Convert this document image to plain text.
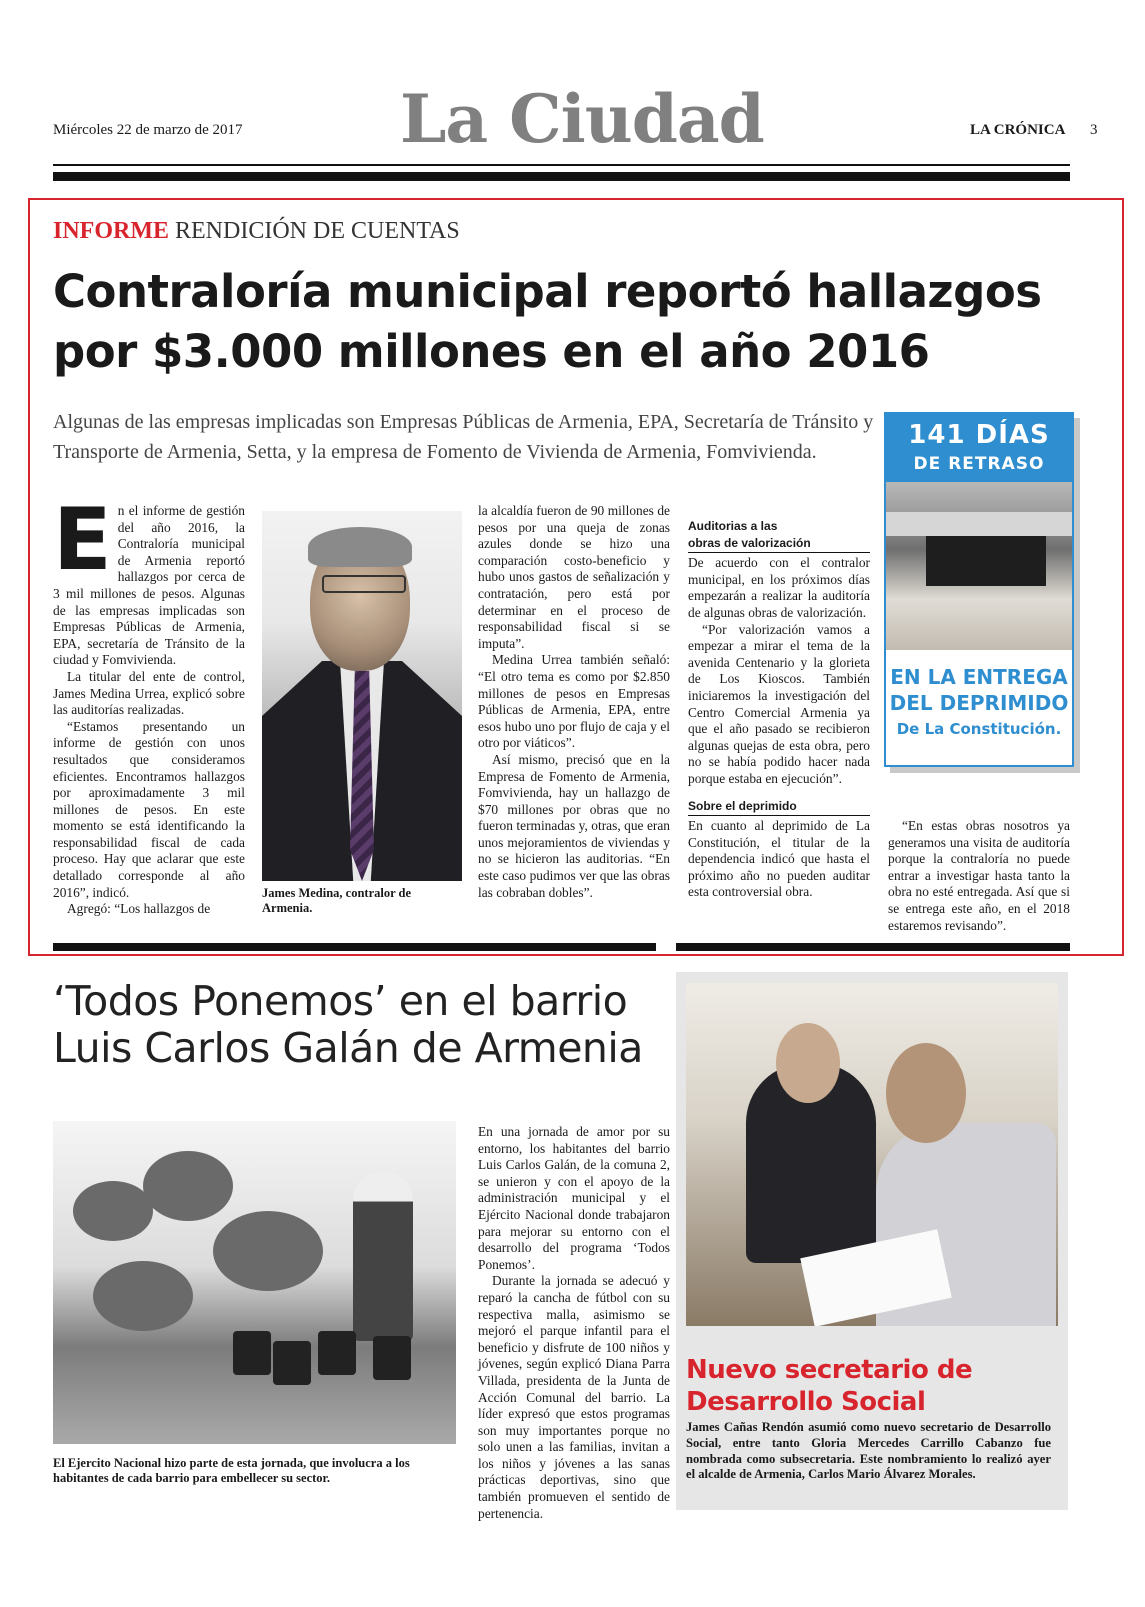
Miércoles 22 de marzo de 2017 La Ciudad	LA CRÓNICA 3
INFORME RENDICIÓN DE CUENTAS
Contraloría municipal reportó hallazgos
por $3.000 millones en el año 2016
Algunas de las empresas implicadas son Empresas Públicas de Armenia, EPA, Secretaría de Tránsito y Transporte de Armenia, Setta, y la empresa de Fomento de Vivienda de Armenia, Fomvivienda.
E n el informe de gestión del año 2016, la Contraloría municipal de Armenia reportó hallazgos por cerca de 3 mil millones de pesos. Algunas de las empresas implicadas son Empresas Públicas de Armenia, EPA, secretaría de Tránsito de la ciudad y Fomvivienda.

La titular del ente de control, James Medina Urrea, explicó sobre las auditorías realizadas.

“Estamos presentando un informe de gestión con unos resultados que consideramos eficientes. Encontramos hallazgos por aproximadamente 3 mil millones de pesos. En este momento se está identificando la responsabilidad fiscal de cada proceso. Hay que aclarar que este detallado corresponde al año 2016”, indicó.

Agregó: “Los hallazgos de

James Medina, contralor de Armenia.

la alcaldía fueron de 90 millones de pesos por una queja de zonas azules donde se hizo una comparación costo-beneficio y hubo unos gastos de señalización y contratación, pero está por determinar en el proceso de responsabilidad fiscal si se imputa”.

Medina Urrea también señaló: “El otro tema es como por $2.850 millones de pesos en Empresas Públicas de Armenia, EPA, entre esos hubo uno por flujo de caja y el otro por viáticos”.

Así mismo, precisó que en la Empresa de Fomento de Armenia, Fomvivienda, hay un hallazgo de $70 millones por obras que no fueron terminadas y, otras, que eran unos mejoramientos de viviendas y no se hicieron las auditorias. “En este caso pudimos ver que las obras las cobraban dobles”.

Auditorias a las
obras de valorización

De acuerdo con el contralor municipal, en los próximos días empezarán a realizar la auditoría de algunas obras de valorización.

“Por valorización vamos a empezar a mirar el tema de la avenida Centenario y la glorieta de Los Kioscos. También iniciaremos la investigación del Centro Comercial Armenia ya que el año pasado se recibieron algunas quejas de esta obra, pero no se había podido hacer nada porque estaba en ejecución”.

Sobre el deprimido

En cuanto al deprimido de La Constitución, el titular de la dependencia indicó que hasta el próximo año no pueden auditar esta controversial obra.

141 DÍAS
DE RETRASO
EN LA ENTREGA
DEL DEPRIMIDO
De La Constitución.

“En estas obras nosotros ya generamos una visita de auditoría porque la contraloría no puede entrar a investigar hasta tanto la obra no esté entregada. Así que si se entrega este año, en el 2018 estaremos revisando”.

‘Todos Ponemos’ en el barrio
Luis Carlos Galán de Armenia
El Ejercito Nacional hizo parte de esta jornada, que involucra a los habitantes de cada barrio para embellecer su sector.

En una jornada de amor por su entorno, los habitantes del barrio Luis Carlos Galán, de la comuna 2, se unieron y con el apoyo de la administración municipal y el Ejército Nacional donde trabajaron para mejorar su entorno con el desarrollo del programa ‘Todos Ponemos’.

Durante la jornada se adecuó y reparó la cancha de fútbol con su respectiva malla, asimismo se mejoró el parque infantil para el beneficio y disfrute de 100 niños y jóvenes, según explicó Diana Parra Villada, presidenta de la Junta de Acción Comunal del barrio. La líder expresó que estos programas son muy importantes porque no solo unen a las familias, invitan a los niños y jóvenes a las sanas prácticas deportivas, sino que también promueven el sentido de pertenencia.

Nuevo secretario de
Desarrollo Social
James Cañas Rendón asumió como nuevo secretario de Desarrollo Social, entre tanto Gloria Mercedes Carrillo Cabanzo fue nombrada como subsecretaria. Este nombramiento lo realizó ayer el alcalde de Armenia, Carlos Mario Álvarez Morales.
